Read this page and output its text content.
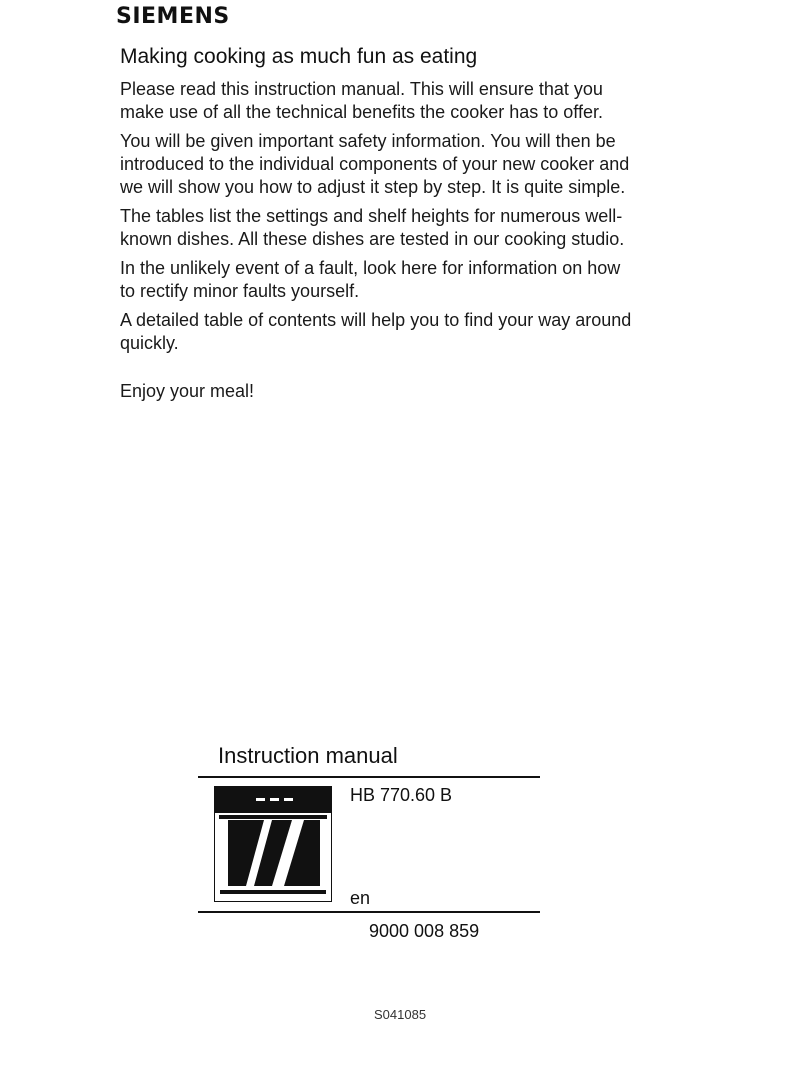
SIEMENS
Making cooking as much fun as eating

Please read this instruction manual. This will ensure that you make use of all the technical benefits the cooker has to offer.

You will be given important safety information. You will then be introduced to the individual components of your new cooker and we will show you how to adjust it step by step. It is quite simple.

The tables list the settings and shelf heights for numerous well-known dishes. All these dishes are tested in our cooking studio.

In the unlikely event of a fault, look here for information on how to rectify minor faults yourself.

A detailed table of contents will help you to find your way around quickly.

Enjoy your meal!

Instruction manual
HB 770.60 B
en
9000 008 859
S041085
